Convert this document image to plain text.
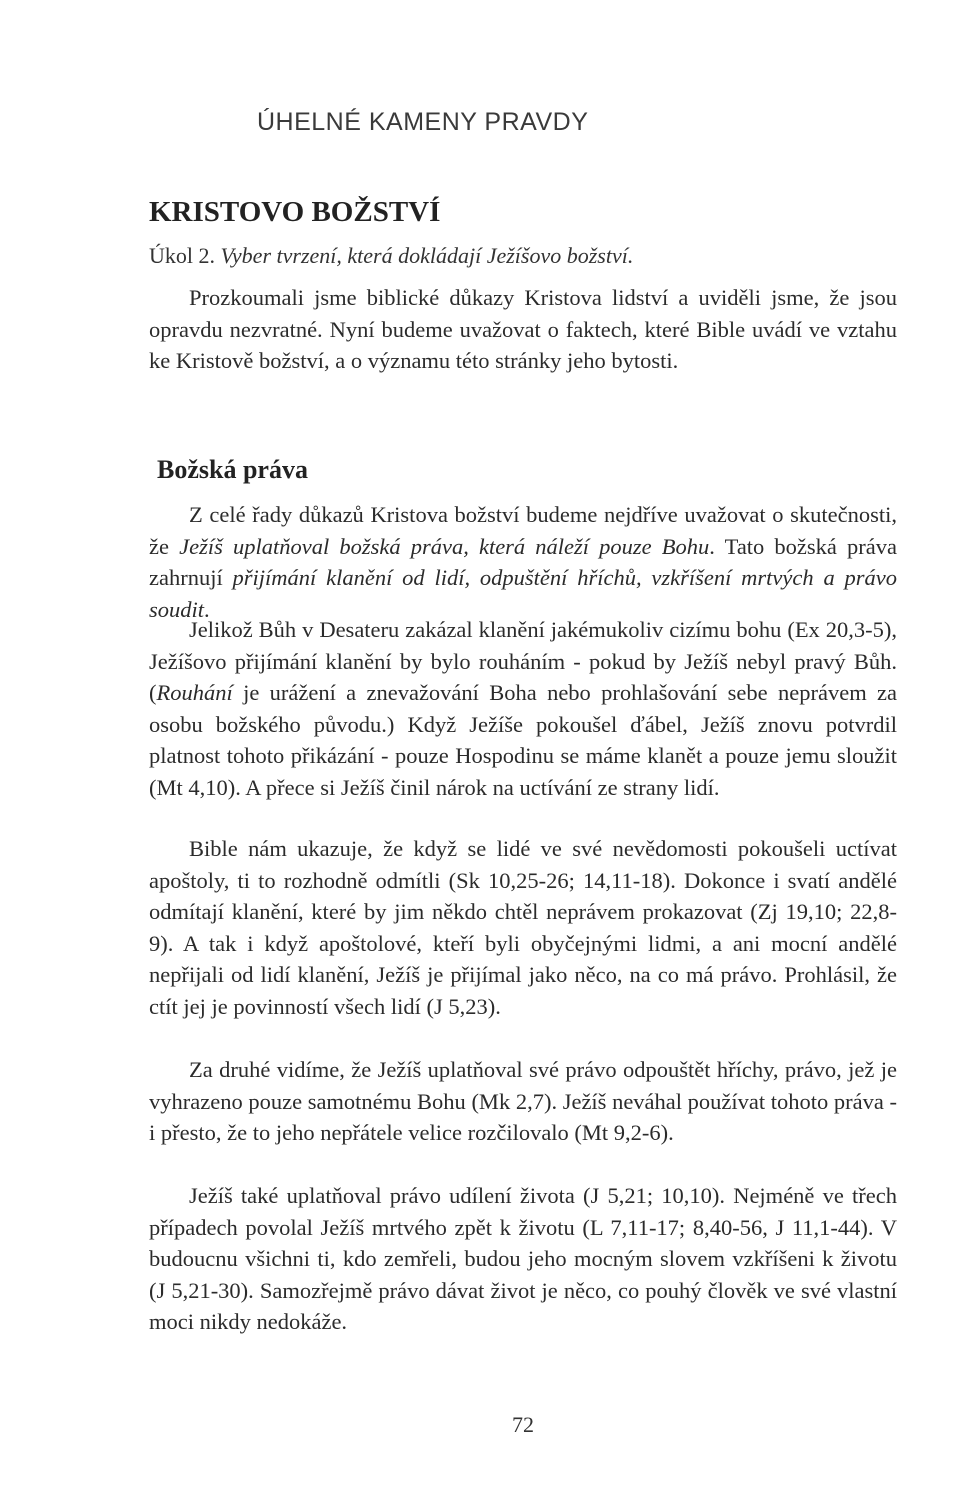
ÚHELNÉ KAMENY PRAVDY
KRISTOVO BOŽSTVÍ
Úkol 2. Vyber tvrzení, která dokládají Ježíšovo božství.

Prozkoumali jsme biblické důkazy Kristova lidství a uviděli jsme, že jsou opravdu nezvratné. Nyní budeme uvažovat o faktech, které Bible uvádí ve vztahu ke Kristově božství, a o významu této stránky jeho bytosti.

Božská práva

Z celé řady důkazů Kristova božství budeme nejdříve uvažovat o skutečnosti, že Ježíš uplatňoval božská práva, která náleží pouze Bohu. Tato božská práva zahrnují přijímání klanění od lidí, odpuštění hříchů, vzkříšení mrtvých a právo soudit.

Jelikož Bůh v Desateru zakázal klanění jakémukoliv cizímu bohu (Ex 20,3-5), Ježíšovo přijímání klanění by bylo rouháním - pokud by Ježíš nebyl pravý Bůh. (Rouhání je urážení a znevažování Boha nebo prohlašování sebe neprávem za osobu božského původu.) Když Ježíše pokoušel ďábel, Ježíš znovu potvrdil platnost tohoto přikázání - pouze Hospodinu se máme klanět a pouze jemu sloužit (Mt 4,10). A přece si Ježíš činil nárok na uctívání ze strany lidí.

Bible nám ukazuje, že když se lidé ve své nevědomosti pokoušeli uctívat apoštoly, ti to rozhodně odmítli (Sk 10,25-26; 14,11-18). Dokonce i svatí andělé odmítají klanění, které by jim někdo chtěl neprávem prokazovat (Zj 19,10; 22,8-9). A tak i když apoštolové, kteří byli obyčejnými lidmi, a ani mocní andělé nepřijali od lidí klanění, Ježíš je přijímal jako něco, na co má právo. Prohlásil, že ctít jej je povinností všech lidí (J 5,23).

Za druhé vidíme, že Ježíš uplatňoval své právo odpouštět hříchy, právo, jež je vyhrazeno pouze samotnému Bohu (Mk 2,7). Ježíš neváhal používat tohoto práva - i přesto, že to jeho nepřátele velice rozčilovalo (Mt 9,2-6).

Ježíš také uplatňoval právo udílení života (J 5,21; 10,10). Nejméně ve třech případech povolal Ježíš mrtvého zpět k životu (L 7,11-17; 8,40-56, J 11,1-44). V budoucnu všichni ti, kdo zemřeli, budou jeho mocným slovem vzkříšeni k životu (J 5,21-30). Samozřejmě právo dávat život je něco, co pouhý člověk ve své vlastní moci nikdy nedokáže.

72
